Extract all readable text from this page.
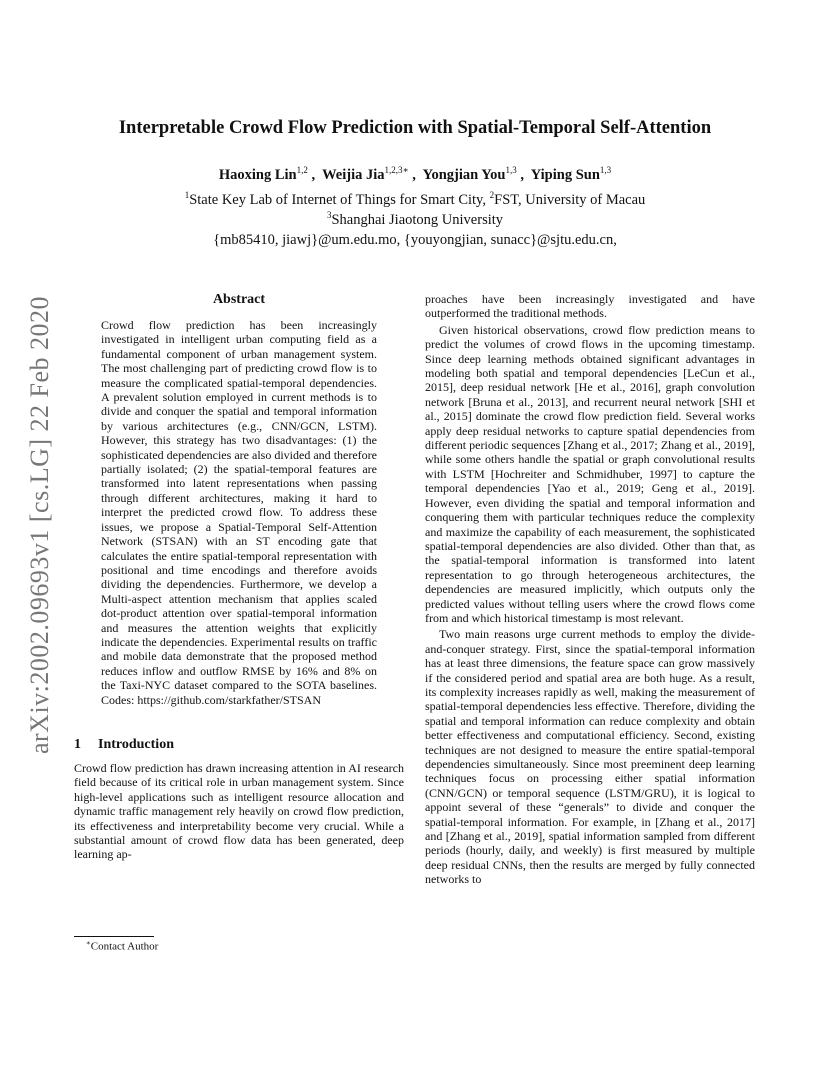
arXiv:2002.09693v1 [cs.LG] 22 Feb 2020
Interpretable Crowd Flow Prediction with Spatial-Temporal Self-Attention
Haoxing Lin$^{1,2}$ ,  Weijia Jia$^{1,2,3∗}$ ,  Yongjian You$^{1,3}$ ,  Yiping Sun$^{1,3}$
$^1$State Key Lab of Internet of Things for Smart City, $^2$FST, University of Macau
$^3$Shanghai Jiaotong University
{mb85410, jiawj}@um.edu.mo, {youyongjian, sunacc}@sjtu.edu.cn,
Abstract

Crowd flow prediction has been increasingly investigated in intelligent urban computing field as a fundamental component of urban management system. The most challenging part of predicting crowd flow is to measure the complicated spatial-temporal dependencies. A prevalent solution employed in current methods is to divide and conquer the spatial and temporal information by various architectures (e.g., CNN/GCN, LSTM). However, this strategy has two disadvantages: (1) the sophisticated dependencies are also divided and therefore partially isolated; (2) the spatial-temporal features are transformed into latent representations when passing through different architectures, making it hard to interpret the predicted crowd flow. To address these issues, we propose a Spatial-Temporal Self-Attention Network (STSAN) with an ST encoding gate that calculates the entire spatial-temporal representation with positional and time encodings and therefore avoids dividing the dependencies. Furthermore, we develop a Multi-aspect attention mechanism that applies scaled dot-product attention over spatial-temporal information and measures the attention weights that explicitly indicate the dependencies. Experimental results on traffic and mobile data demonstrate that the proposed method reduces inflow and outflow RMSE by 16% and 8% on the Taxi-NYC dataset compared to the SOTA baselines. Codes: https://github.com/starkfather/STSAN

1 Introduction

Crowd flow prediction has drawn increasing attention in AI research field because of its critical role in urban management system. Since high-level applications such as intelligent resource allocation and dynamic traffic management rely heavily on crowd flow prediction, its effectiveness and interpretability become very crucial. While a substantial amount of crowd flow data has been generated, deep learning ap-

proaches have been increasingly investigated and have outperformed the traditional methods.

Given historical observations, crowd flow prediction means to predict the volumes of crowd flows in the upcoming timestamp. Since deep learning methods obtained significant advantages in modeling both spatial and temporal dependencies [LeCun et al., 2015], deep residual network [He et al., 2016], graph convolution network [Bruna et al., 2013], and recurrent neural network [SHI et al., 2015] dominate the crowd flow prediction field. Several works apply deep residual networks to capture spatial dependencies from different periodic sequences [Zhang et al., 2017; Zhang et al., 2019], while some others handle the spatial or graph convolutional results with LSTM [Hochreiter and Schmidhuber, 1997] to capture the temporal dependencies [Yao et al., 2019; Geng et al., 2019]. However, even dividing the spatial and temporal information and conquering them with particular techniques reduce the complexity and maximize the capability of each measurement, the sophisticated spatial-temporal dependencies are also divided. Other than that, as the spatial-temporal information is transformed into latent representation to go through heterogeneous architectures, the dependencies are measured implicitly, which outputs only the predicted values without telling users where the crowd flows come from and which historical timestamp is most relevant.

Two main reasons urge current methods to employ the divide-and-conquer strategy. First, since the spatial-temporal information has at least three dimensions, the feature space can grow massively if the considered period and spatial area are both huge. As a result, its complexity increases rapidly as well, making the measurement of spatial-temporal dependencies less effective. Therefore, dividing the spatial and temporal information can reduce complexity and obtain better effectiveness and computational efficiency. Second, existing techniques are not designed to measure the entire spatial-temporal dependencies simultaneously. Since most preeminent deep learning techniques focus on processing either spatial information (CNN/GCN) or temporal sequence (LSTM/GRU), it is logical to appoint several of these “generals” to divide and conquer the spatial-temporal information. For example, in [Zhang et al., 2017] and [Zhang et al., 2019], spatial information sampled from different periods (hourly, daily, and weekly) is first measured by multiple deep residual CNNs, then the results are merged by fully connected networks to

∗Contact Author
